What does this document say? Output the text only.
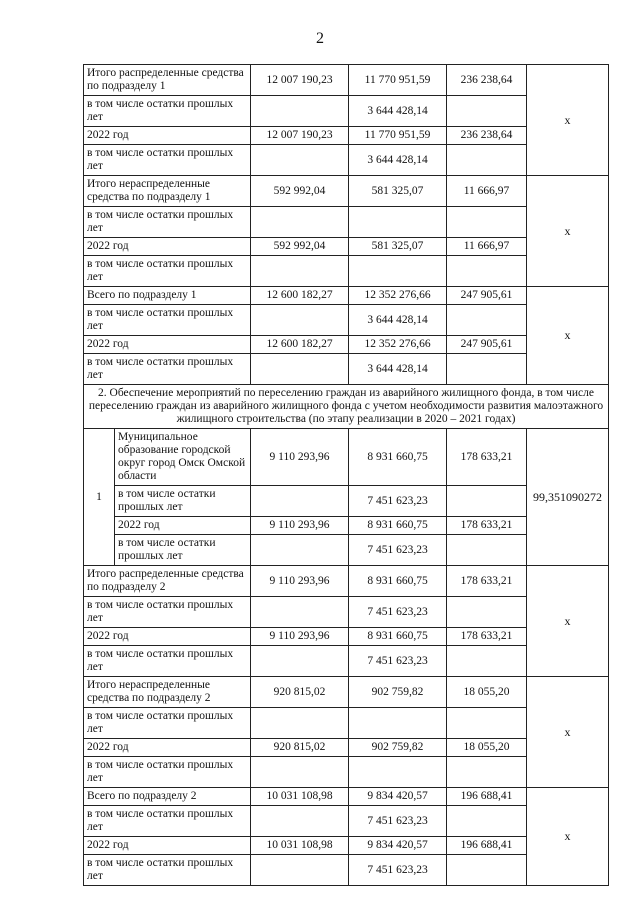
2
Итого распределенные средства по подразделу 1		12 007 190,23	11 770 951,59	236 238,64	x
в том числе остатки прошлых лет			3 644 428,14		
2022 год		12 007 190,23	11 770 951,59	236 238,64	
в том числе остатки прошлых лет			3 644 428,14		
Итого нераспределенные средства по подразделу 1		592 992,04	581 325,07	11 666,97	x
в том числе остатки прошлых лет					
2022 год		592 992,04	581 325,07	11 666,97	
в том числе остатки прошлых лет					
Всего по подразделу 1		12 600 182,27	12 352 276,66	247 905,61	x
в том числе остатки прошлых лет			3 644 428,14		
2022 год		12 600 182,27	12 352 276,66	247 905,61	
в том числе остатки прошлых лет			3 644 428,14		
2. Обеспечение мероприятий по переселению граждан из аварийного жилищного фонда, в том числе переселению граждан из аварийного жилищного фонда с учетом необходимости развития малоэтажного жилищного строительства (по этапу реализации в 2020 – 2021 годах)					
1	Муниципальное образование городской округ город Омск Омской области	9 110 293,96	8 931 660,75	178 633,21	99,351090272
	в том числе остатки прошлых лет		7 451 623,23		
	2022 год	9 110 293,96	8 931 660,75	178 633,21	
	в том числе остатки прошлых лет		7 451 623,23		
Итого распределенные средства по подразделу 2		9 110 293,96	8 931 660,75	178 633,21	x
в том числе остатки прошлых лет			7 451 623,23		
2022 год		9 110 293,96	8 931 660,75	178 633,21	
в том числе остатки прошлых лет			7 451 623,23		
Итого нераспределенные средства по подразделу 2		920 815,02	902 759,82	18 055,20	x
в том числе остатки прошлых лет					
2022 год		920 815,02	902 759,82	18 055,20	
в том числе остатки прошлых лет					
Всего по подразделу 2		10 031 108,98	9 834 420,57	196 688,41	x
в том числе остатки прошлых лет			7 451 623,23		
2022 год		10 031 108,98	9 834 420,57	196 688,41	
в том числе остатки прошлых лет			7 451 623,23		
